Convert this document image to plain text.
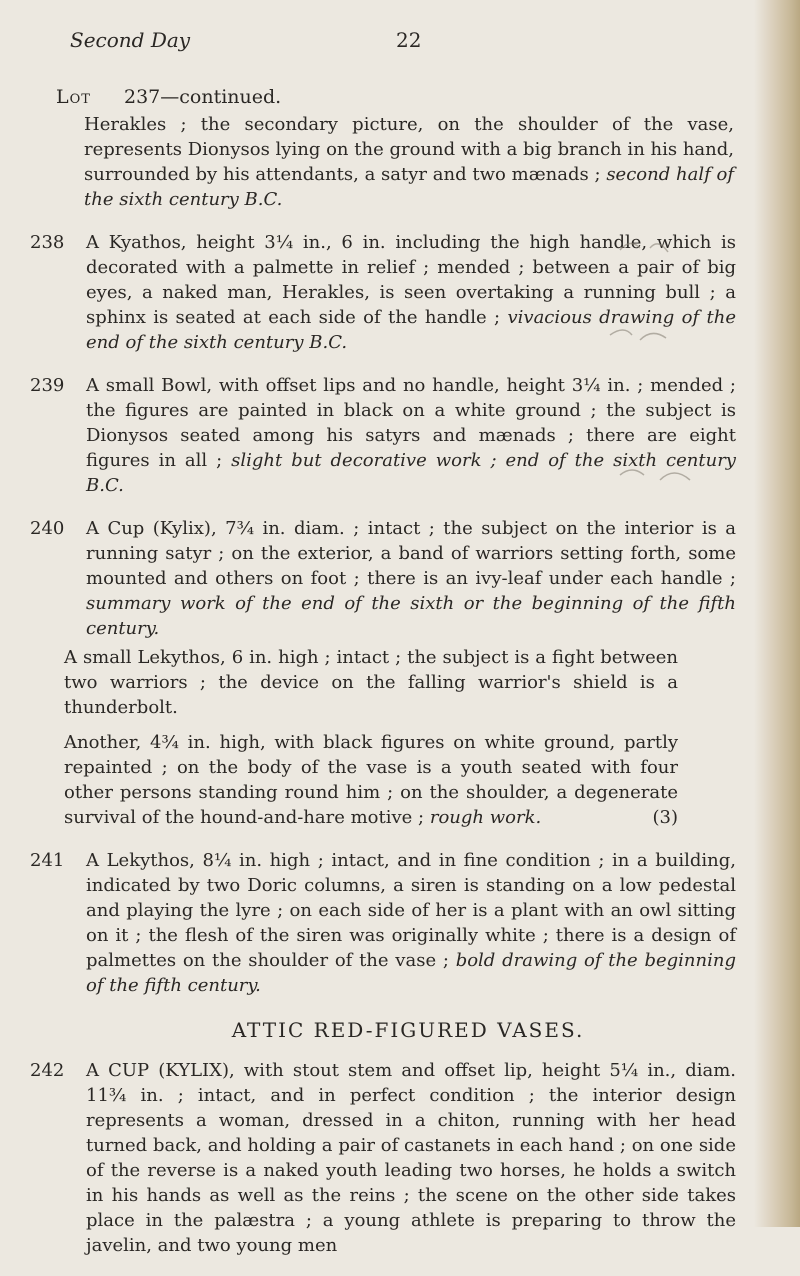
Second Day	22
Lot	237—continued.
Herakles ; the secondary picture, on the shoulder of the vase, represents Dionysos lying on the ground with a big branch in his hand, surrounded by his attendants, a satyr and two mænads ; second half of the sixth century B.C.
238	A Kyathos, height 3¼ in., 6 in. including the high handle, which is decorated with a palmette in relief ; mended ; between a pair of big eyes, a naked man, Herakles, is seen overtaking a running bull ; a sphinx is seated at each side of the handle ; vivacious drawing of the end of the sixth century B.C.
239	A small Bowl, with offset lips and no handle, height 3¼ in. ; mended ; the figures are painted in black on a white ground ; the subject is Dionysos seated among his satyrs and mænads ; there are eight figures in all ; slight but decorative work ; end of the sixth century B.C.
240	A Cup (Kylix), 7¾ in. diam. ; intact ; the subject on the interior is a running satyr ; on the exterior, a band of warriors setting forth, some mounted and others on foot ; there is an ivy-leaf under each handle ; summary work of the end of the sixth or the beginning of the fifth century.
A small Lekythos, 6 in. high ; intact ; the subject is a fight between two warriors ; the device on the falling warrior's shield is a thunderbolt.
Another, 4¾ in. high, with black figures on white ground, partly repainted ; on the body of the vase is a youth seated with four other persons standing round him ; on the shoulder, a degenerate survival of the hound-and-hare motive ; rough work.	(3)
241	A Lekythos, 8¼ in. high ; intact, and in fine condition ; in a building, indicated by two Doric columns, a siren is standing on a low pedestal and playing the lyre ; on each side of her is a plant with an owl sitting on it ; the flesh of the siren was originally white ; there is a design of palmettes on the shoulder of the vase ; bold drawing of the beginning of the fifth century.
ATTIC RED-FIGURED VASES.
242	A CUP (KYLIX), with stout stem and offset lip, height 5¼ in., diam. 11¾ in. ; intact, and in perfect condition ; the interior design represents a woman, dressed in a chiton, running with her head turned back, and holding a pair of castanets in each hand ; on one side of the reverse is a naked youth leading two horses, he holds a switch in his hands as well as the reins ; the scene on the other side takes place in the palæstra ; a young athlete is preparing to throw the javelin, and two young men
